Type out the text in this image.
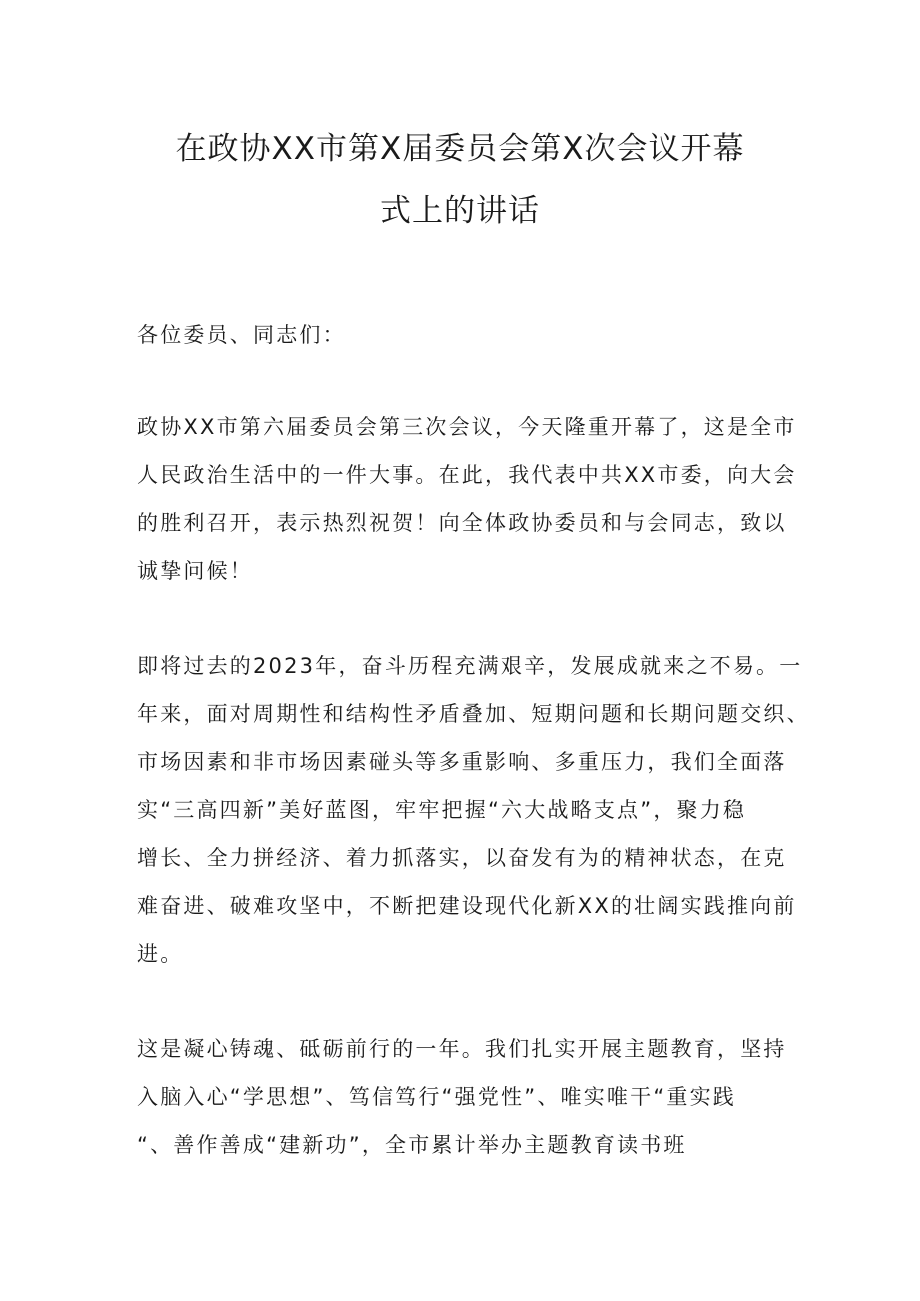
在政协XX市第X届委员会第X次会议开幕
式上的讲话

各位委员、同志们：

政协XX市第六届委员会第三次会议，今天隆重开幕了，这是全市
人民政治生活中的一件大事。在此，我代表中共XX市委，向大会
的胜利召开，表示热烈祝贺！向全体政协委员和与会同志，致以
诚挚问候！

即将过去的2023年，奋斗历程充满艰辛，发展成就来之不易。一
年来，面对周期性和结构性矛盾叠加、短期问题和长期问题交织、
市场因素和非市场因素碰头等多重影响、多重压力，我们全面落
实“三高四新”美好蓝图，牢牢把握“六大战略支点”，聚力稳
增长、全力拼经济、着力抓落实，以奋发有为的精神状态，在克
难奋进、破难攻坚中，不断把建设现代化新XX的壮阔实践推向前
进。

这是凝心铸魂、砥砺前行的一年。我们扎实开展主题教育，坚持
入脑入心“学思想”、笃信笃行“强党性”、唯实唯干“重实践
“、善作善成“建新功”，全市累计举办主题教育读书班
